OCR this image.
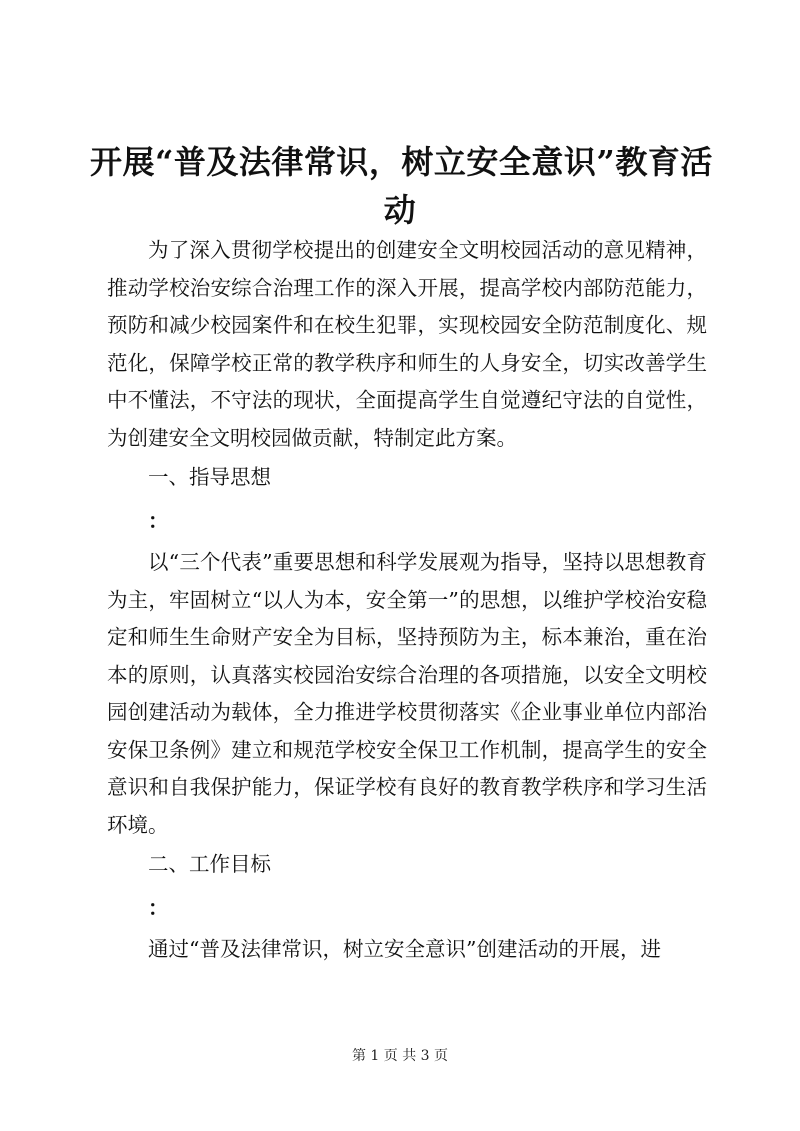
开展“普及法律常识，树立安全意识”教育活
动

为了深入贯彻学校提出的创建安全文明校园活动的意见精神，推动学校治安综合治理工作的深入开展，提高学校内部防范能力，预防和减少校园案件和在校生犯罪，实现校园安全防范制度化、规范化，保障学校正常的教学秩序和师生的人身安全，切实改善学生中不懂法，不守法的现状，全面提高学生自觉遵纪守法的自觉性，为创建安全文明校园做贡献，特制定此方案。

一、指导思想

：

以“三个代表”重要思想和科学发展观为指导，坚持以思想教育为主，牢固树立“以人为本，安全第一”的思想，以维护学校治安稳定和师生生命财产安全为目标，坚持预防为主，标本兼治，重在治本的原则，认真落实校园治安综合治理的各项措施，以安全文明校园创建活动为载体，全力推进学校贯彻落实《企业事业单位内部治安保卫条例》建立和规范学校安全保卫工作机制，提高学生的安全意识和自我保护能力，保证学校有良好的教育教学秩序和学习生活环境。

二、工作目标

：

通过“普及法律常识，树立安全意识”创建活动的开展，进

第 1 页 共 3 页
